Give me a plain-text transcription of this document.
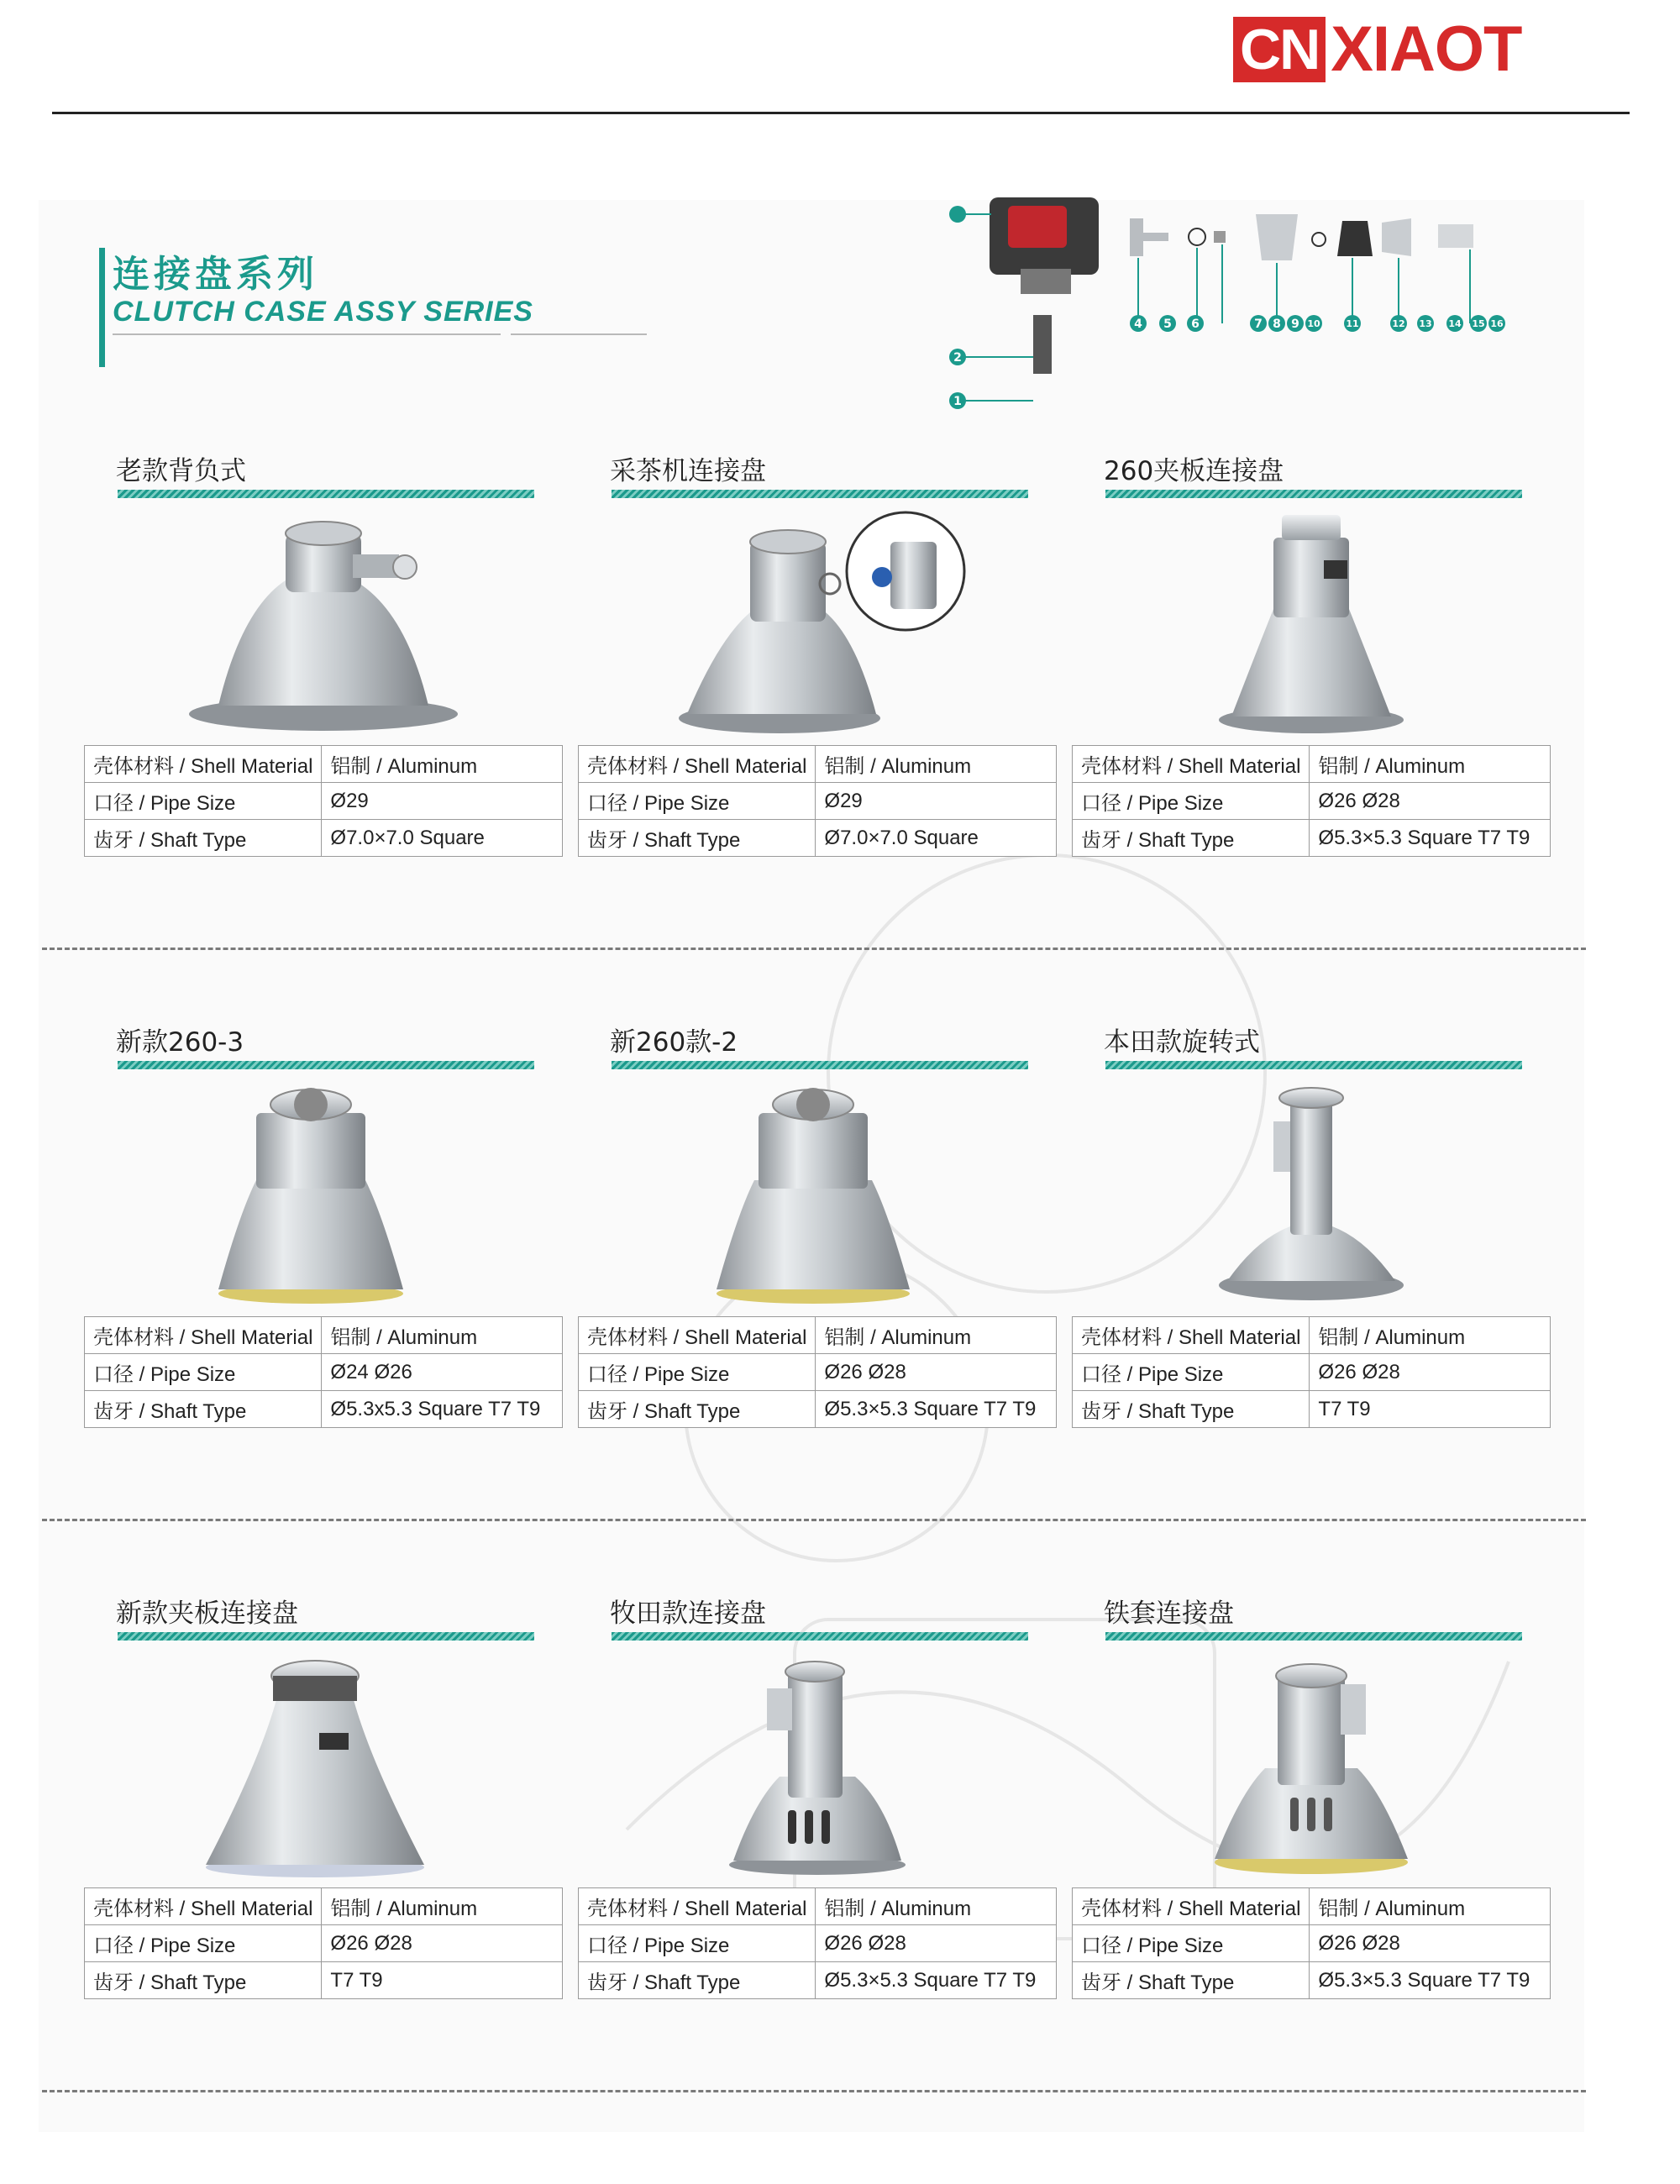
CN XIAOT
连接盘系列
CLUTCH CASE ASSY SERIES
2
1
4 5 6	7 8 9 10	11	12 13 14 15 16
老款背负式
壳体材料 / Shell Material	铝制 / Aluminum
口径 / Pipe Size	Ø29
齿牙 / Shaft Type	Ø7.0×7.0 Square
采茶机连接盘
壳体材料 / Shell Material	铝制 / Aluminum
口径 / Pipe Size	Ø29
齿牙 / Shaft Type	Ø7.0×7.0 Square
260夹板连接盘
壳体材料 / Shell Material	铝制 / Aluminum
口径 / Pipe Size	Ø26 Ø28
齿牙 / Shaft Type	Ø5.3×5.3 Square T7 T9
新款260-3
壳体材料 / Shell Material	铝制 / Aluminum
口径 / Pipe Size	Ø24 Ø26
齿牙 / Shaft Type	Ø5.3x5.3 Square T7 T9
新260款-2
壳体材料 / Shell Material	铝制 / Aluminum
口径 / Pipe Size	Ø26 Ø28
齿牙 / Shaft Type	Ø5.3×5.3 Square T7 T9
本田款旋转式
壳体材料 / Shell Material	铝制 / Aluminum
口径 / Pipe Size	Ø26 Ø28
齿牙 / Shaft Type	T7 T9
新款夹板连接盘
壳体材料 / Shell Material	铝制 / Aluminum
口径 / Pipe Size	Ø26 Ø28
齿牙 / Shaft Type	T7 T9
牧田款连接盘
壳体材料 / Shell Material	铝制 / Aluminum
口径 / Pipe Size	Ø26 Ø28
齿牙 / Shaft Type	Ø5.3×5.3 Square T7 T9
铁套连接盘
壳体材料 / Shell Material	铝制 / Aluminum
口径 / Pipe Size	Ø26 Ø28
齿牙 / Shaft Type	Ø5.3×5.3 Square T7 T9
